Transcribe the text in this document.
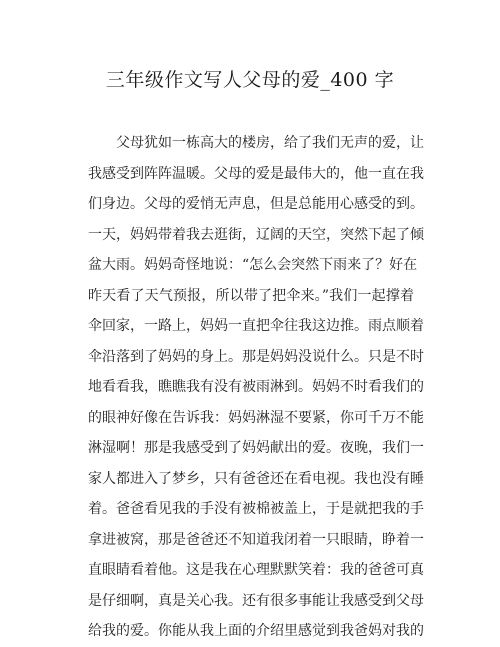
三年级作文写人父母的爱_400 字
父母犹如一栋高大的楼房，给了我们无声的爱，让
我感受到阵阵温暖。父母的爱是最伟大的，他一直在我
们身边。父母的爱悄无声息，但是总能用心感受的到。
一天，妈妈带着我去逛街，辽阔的天空，突然下起了倾
盆大雨。妈妈奇怪地说：“怎么会突然下雨来了？好在
昨天看了天气预报，所以带了把伞来。”我们一起撑着
伞回家，一路上，妈妈一直把伞往我这边推。雨点顺着
伞沿落到了妈妈的身上。那是妈妈没说什么。只是不时
地看看我，瞧瞧我有没有被雨淋到。妈妈不时看我们的
的眼神好像在告诉我：妈妈淋湿不要紧，你可千万不能
淋湿啊！那是我感受到了妈妈献出的爱。夜晚，我们一
家人都进入了梦乡，只有爸爸还在看电视。我也没有睡
着。爸爸看见我的手没有被棉被盖上，于是就把我的手
拿进被窝，那是爸爸还不知道我闭着一只眼睛，睁着一
直眼睛看着他。这是我在心理默默笑着：我的爸爸可真
是仔细啊，真是关心我。还有很多事能让我感受到父母
给我的爱。你能从我上面的介绍里感觉到我爸妈对我的
